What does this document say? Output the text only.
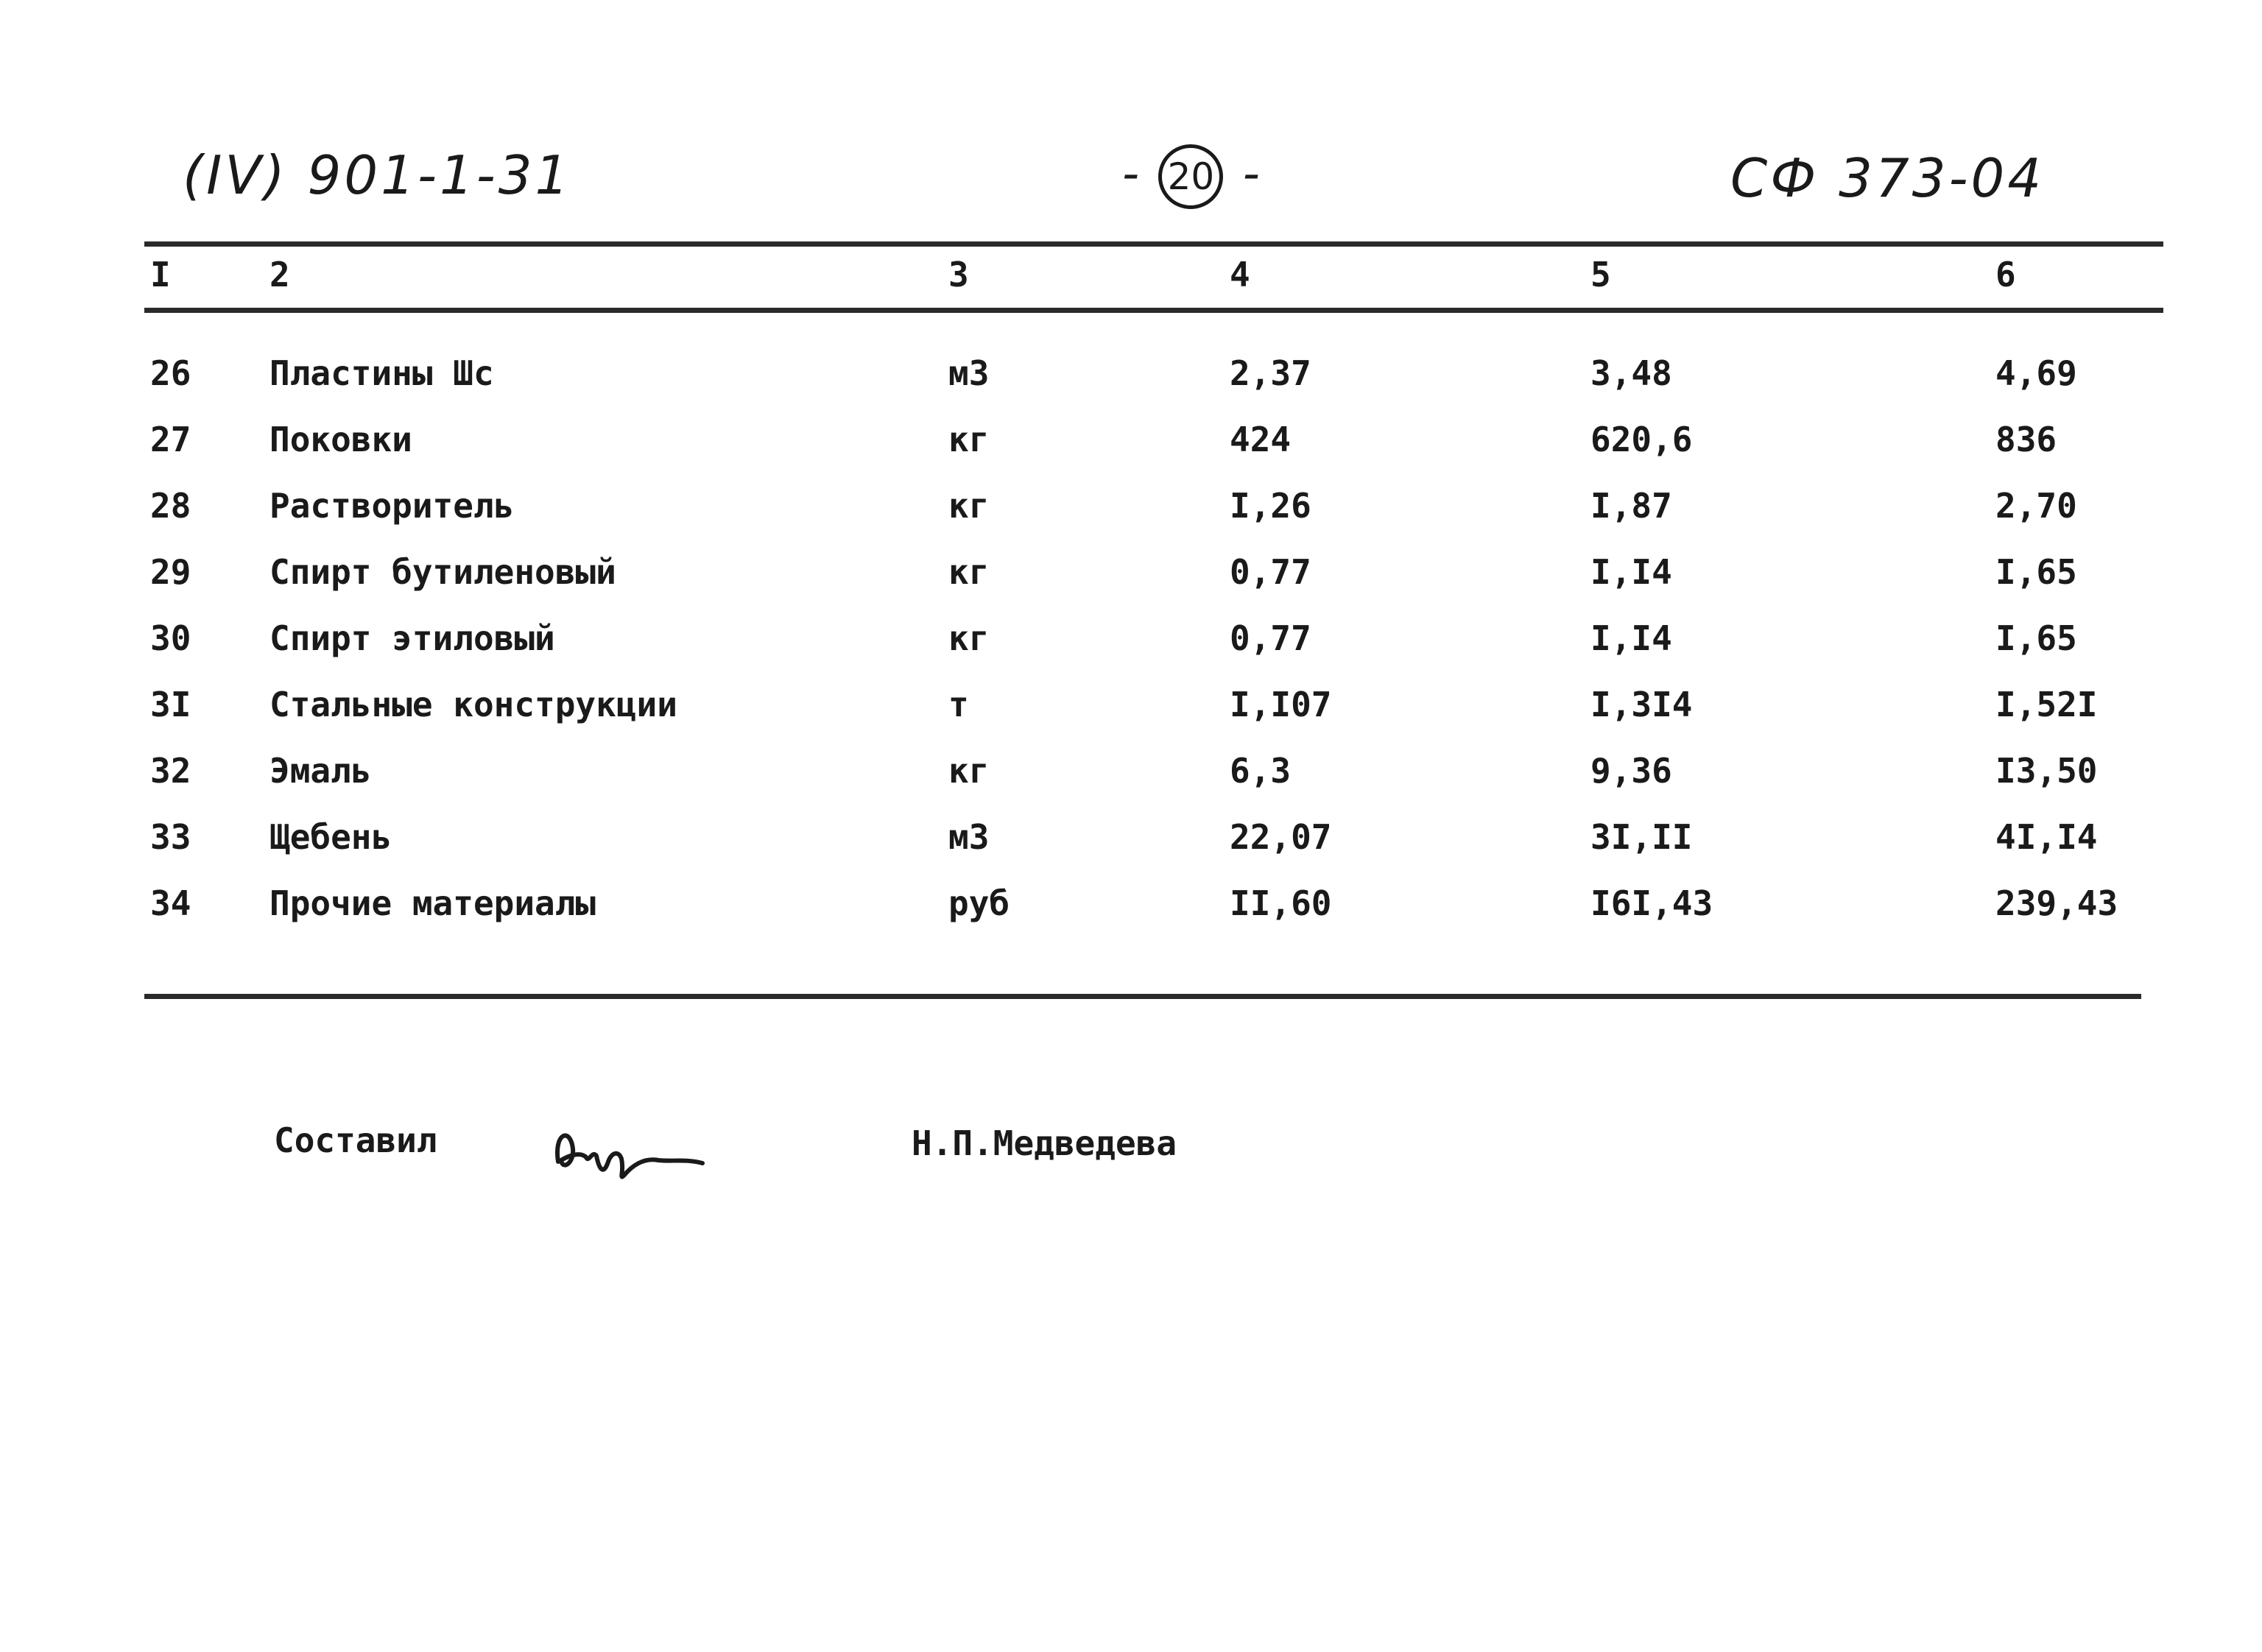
(IV) 901-1-31	- 20 -	СФ 373-04
I	2	3	4	5	6
26 Пластины Шс	м3	2,37	3,48	4,69
27 Поковки	кг	424	620,6	836
28 Растворитель	кг	I,26	I,87	2,70
29 Спирт бутиленовый	кг	0,77	I,I4	I,65
30 Спирт этиловый	кг	0,77	I,I4	I,65
3I Стальные конструкции	т	I,I07	I,3I4	I,52I
32 Эмаль	кг	6,3	9,36	I3,50
33 Щебень	м3	22,07	3I,II	4I,I4
34 Прочие материалы	руб	II,60	I6I,43	239,43
Составил	Н.П.Медведева
